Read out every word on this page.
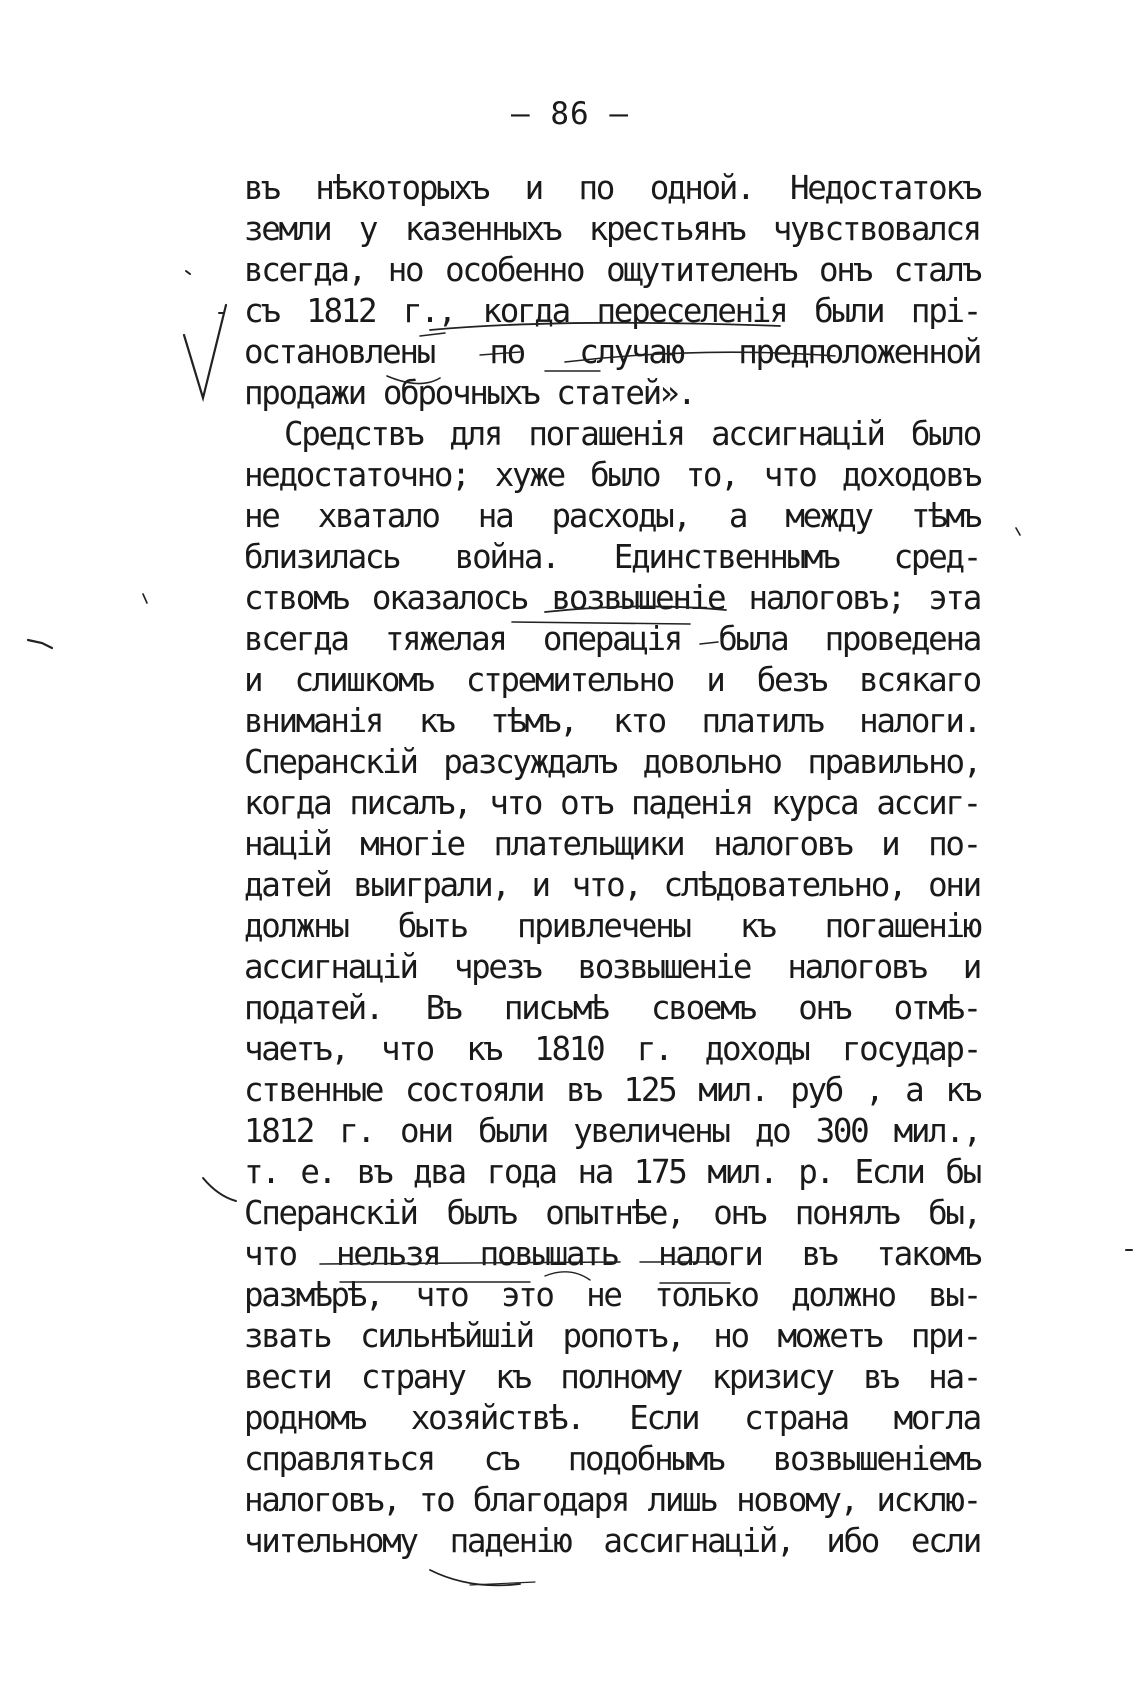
— 86 —
въ нѣкоторыхъ и по одной. Недостатокъ
земли у казенныхъ крестьянъ чувствовался
всегда, но особенно ощутителенъ онъ сталъ
съ 1812 г., когда переселенія были прі-
остановлены по случаю предположенной
продажи оброчныхъ статей».
Средствъ для погашенія ассигнацій было
недостаточно; хуже было то, что доходовъ
не хватало на расходы, а между тѣмъ
близилась война. Единственнымъ сред-
ствомъ оказалось возвышеніе налоговъ; эта
всегда тяжелая операція была проведена
и слишкомъ стремительно и безъ всякаго
вниманія къ тѣмъ, кто платилъ налоги.
Сперанскій разсуждалъ довольно правильно,
когда писалъ, что отъ паденія курса ассиг-
націй многіе плательщики налоговъ и по-
датей выиграли, и что, слѣдовательно, они
должны быть привлечены къ погашенію
ассигнацій чрезъ возвышеніе налоговъ и
податей. Въ письмѣ своемъ онъ отмѣ-
чаетъ, что къ 1810 г. доходы государ-
ственные состояли въ 125 мил. руб , а къ
1812 г. они были увеличены до 300 мил.,
т. е. въ два года на 175 мил. р. Если бы
Сперанскій былъ опытнѣе, онъ понялъ бы,
что нельзя повышать налоги въ такомъ
размѣрѣ, что это не только должно вы-
звать сильнѣйшій ропотъ, но можетъ при-
вести страну къ полному кризису въ на-
родномъ хозяйствѣ. Если страна могла
справляться съ подобнымъ возвышеніемъ
налоговъ, то благодаря лишь новому, исклю-
чительному паденію ассигнацій, ибо если
